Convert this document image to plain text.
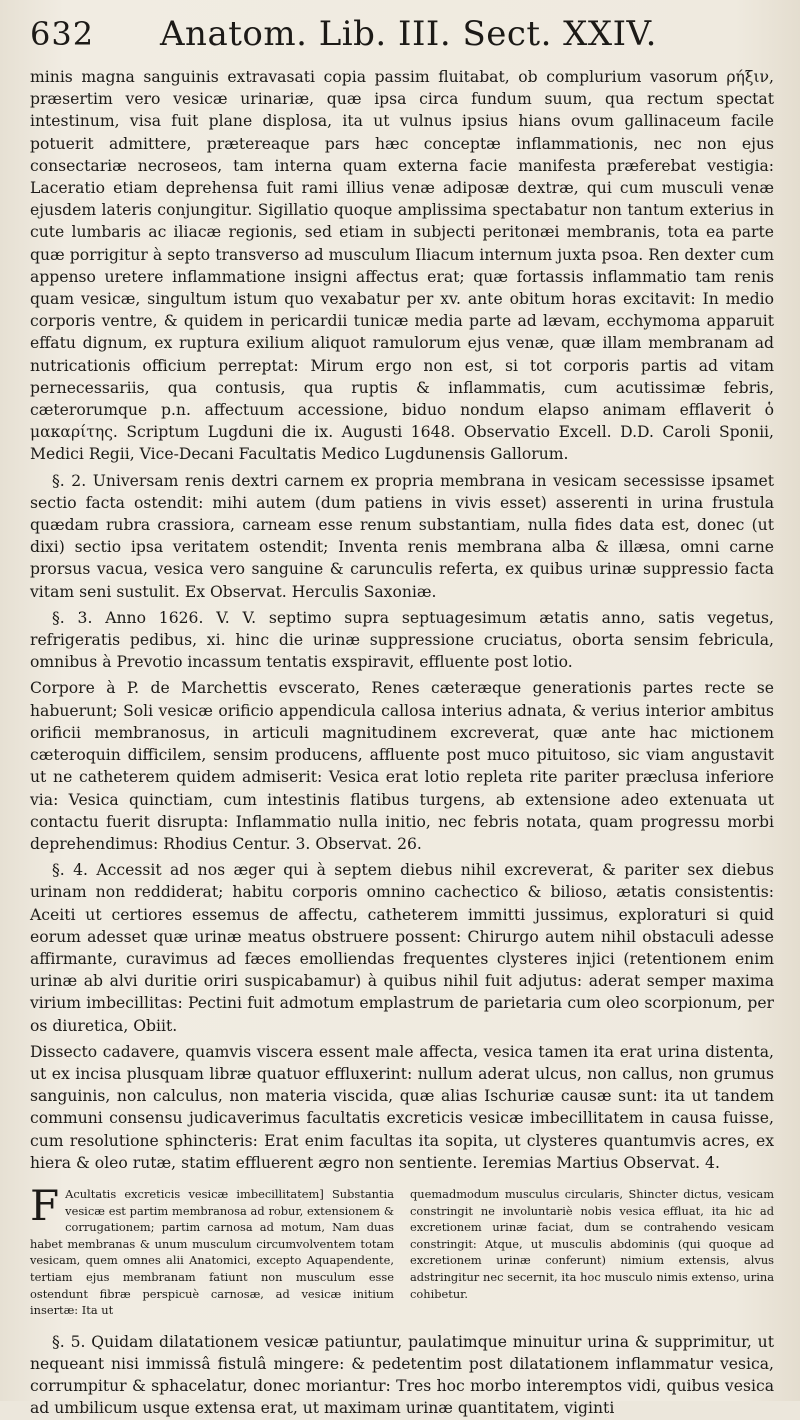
632	Anatom. Lib. III. Sect. XXIV.

minis magna sanguinis extravasati copia passim fluitabat, ob complurium vasorum ρήξιν, præsertim vero vesicæ urinariæ, quæ ipsa circa fundum suum, qua rectum spectat intestinum, visa fuit plane displosa, ita ut vulnus ipsius hians ovum gallinaceum facile potuerit admittere, prætereaque pars hæc conceptæ inflammationis, nec non ejus consectariæ necroseos, tam interna quam externa facie manifesta præferebat vestigia: Laceratio etiam deprehensa fuit rami illius venæ adiposæ dextræ, qui cum musculi venæ ejusdem lateris conjungitur. Sigillatio quoque amplissima spectabatur non tantum exterius in cute lumbaris ac iliacæ regionis, sed etiam in subjecti peritonæi membranis, tota ea parte quæ porrigitur à septo transverso ad musculum Iliacum internum juxta psoa. Ren dexter cum appenso uretere inflammatione insigni affectus erat; quæ fortassis inflammatio tam renis quam vesicæ, singultum istum quo vexabatur per xv. ante obitum horas excitavit: In medio corporis ventre, & quidem in pericardii tunicæ media parte ad lævam, ecchymoma apparuit effatu dignum, ex ruptura exilium aliquot ramulorum ejus venæ, quæ illam membranam ad nutricationis officium perreptat: Mirum ergo non est, si tot corporis partis ad vitam pernecessariis, qua contusis, qua ruptis & inflammatis, cum acutissimæ febris, cæterorumque p.n. affectuum accessione, biduo nondum elapso animam efflaverit ὁ μακαρίτης. Scriptum Lugduni die ix. Augusti 1648. Observatio Excell. D.D. Caroli Sponii, Medici Regii, Vice-Decani Facultatis Medico Lugdunensis Gallorum.

§. 2. Universam renis dextri carnem ex propria membrana in vesicam secessisse ipsamet sectio facta ostendit: mihi autem (dum patiens in vivis esset) asserenti in urina frustula quædam rubra crassiora, carneam esse renum substantiam, nulla fides data est, donec (ut dixi) sectio ipsa veritatem ostendit; Inventa renis membrana alba & illæsa, omni carne prorsus vacua, vesica vero sanguine & carunculis referta, ex quibus urinæ suppressio facta vitam seni sustulit. Ex Observat. Herculis Saxoniæ.

§. 3. Anno 1626. V. V. septimo supra septuagesimum ætatis anno, satis vegetus, refrigeratis pedibus, xi. hinc die urinæ suppressione cruciatus, oborta sensim febricula, omnibus à Prevotio incassum tentatis exspiravit, effluente post lotio.

Corpore à P. de Marchettis evscerato, Renes cæteræque generationis partes recte se habuerunt; Soli vesicæ orificio appendicula callosa interius adnata, & verius interior ambitus orificii membranosus, in articuli magnitudinem excreverat, quæ ante hac mictionem cæteroquin difficilem, sensim producens, affluente post muco pituitoso, sic viam angustavit ut ne catheterem quidem admiserit: Vesica erat lotio repleta rite pariter præclusa inferiore via: Vesica quinctiam, cum intestinis flatibus turgens, ab extensione adeo extenuata ut contactu fuerit disrupta: Inflammatio nulla initio, nec febris notata, quam progressu morbi deprehendimus: Rhodius Centur. 3. Observat. 26.

§. 4. Accessit ad nos æger qui à septem diebus nihil excreverat, & pariter sex diebus urinam non reddiderat; habitu corporis omnino cachectico & bilioso, ætatis consistentis: Aceiti ut certiores essemus de affectu, catheterem immitti jussimus, exploraturi si quid eorum adesset quæ urinæ meatus obstruere possent: Chirurgo autem nihil obstaculi adesse affirmante, curavimus ad fæces emolliendas frequentes clysteres injici (retentionem enim urinæ ab alvi duritie oriri suspicabamur) à quibus nihil fuit adjutus: aderat semper maxima virium imbecillitas: Pectini fuit admotum emplastrum de parietaria cum oleo scorpionum, per os diuretica, Obiit.

Dissecto cadavere, quamvis viscera essent male affecta, vesica tamen ita erat urina distenta, ut ex incisa plusquam libræ quatuor effluxerint: nullum aderat ulcus, non callus, non grumus sanguinis, non calculus, non materia viscida, quæ alias Ischuriæ causæ sunt: ita ut tandem communi consensu judicaverimus facultatis excreticis vesicæ imbecillitatem in causa fuisse, cum resolutione sphincteris: Erat enim facultas ita sopita, ut clysteres quantumvis acres, ex hiera & oleo rutæ, statim effluerent ægro non sentiente. Ieremias Martius Observat. 4.

F Acultatis excreticis vesicæ imbecillitatem] Substantia vesicæ est partim membranosa ad robur, extensionem & corrugationem; partim carnosa ad motum, Nam duas habet membranas & unum musculum circumvolventem totam vesicam, quem omnes alii Anatomici, excepto Aquapendente, tertiam ejus membranam fatiunt non musculum esse ostendunt fibræ perspicuè carnosæ, ad vesicæ initium insertæ: Ita ut
quemadmodum musculus circularis, Shincter dictus, vesicam constringit ne involuntariè nobis vesica effluat, ita hic ad excretionem urinæ faciat, dum se contrahendo vesicam constringit: Atque, ut musculis abdominis (qui quoque ad excretionem urinæ conferunt) nimium extensis, alvus adstringitur nec secernit, ita hoc musculo nimis extenso, urina cohibetur.

§. 5. Quidam dilatationem vesicæ patiuntur, paulatimque minuitur urina & supprimitur, ut nequeant nisi immissâ fistulâ mingere: & pedetentim post dilatationem inflammatur vesica, corrumpitur & sphacelatur, donec moriantur: Tres hoc morbo interemptos vidi, quibus vesica ad umbilicum usque extensa erat, ut maximam urinæ quantitatem, viginti
